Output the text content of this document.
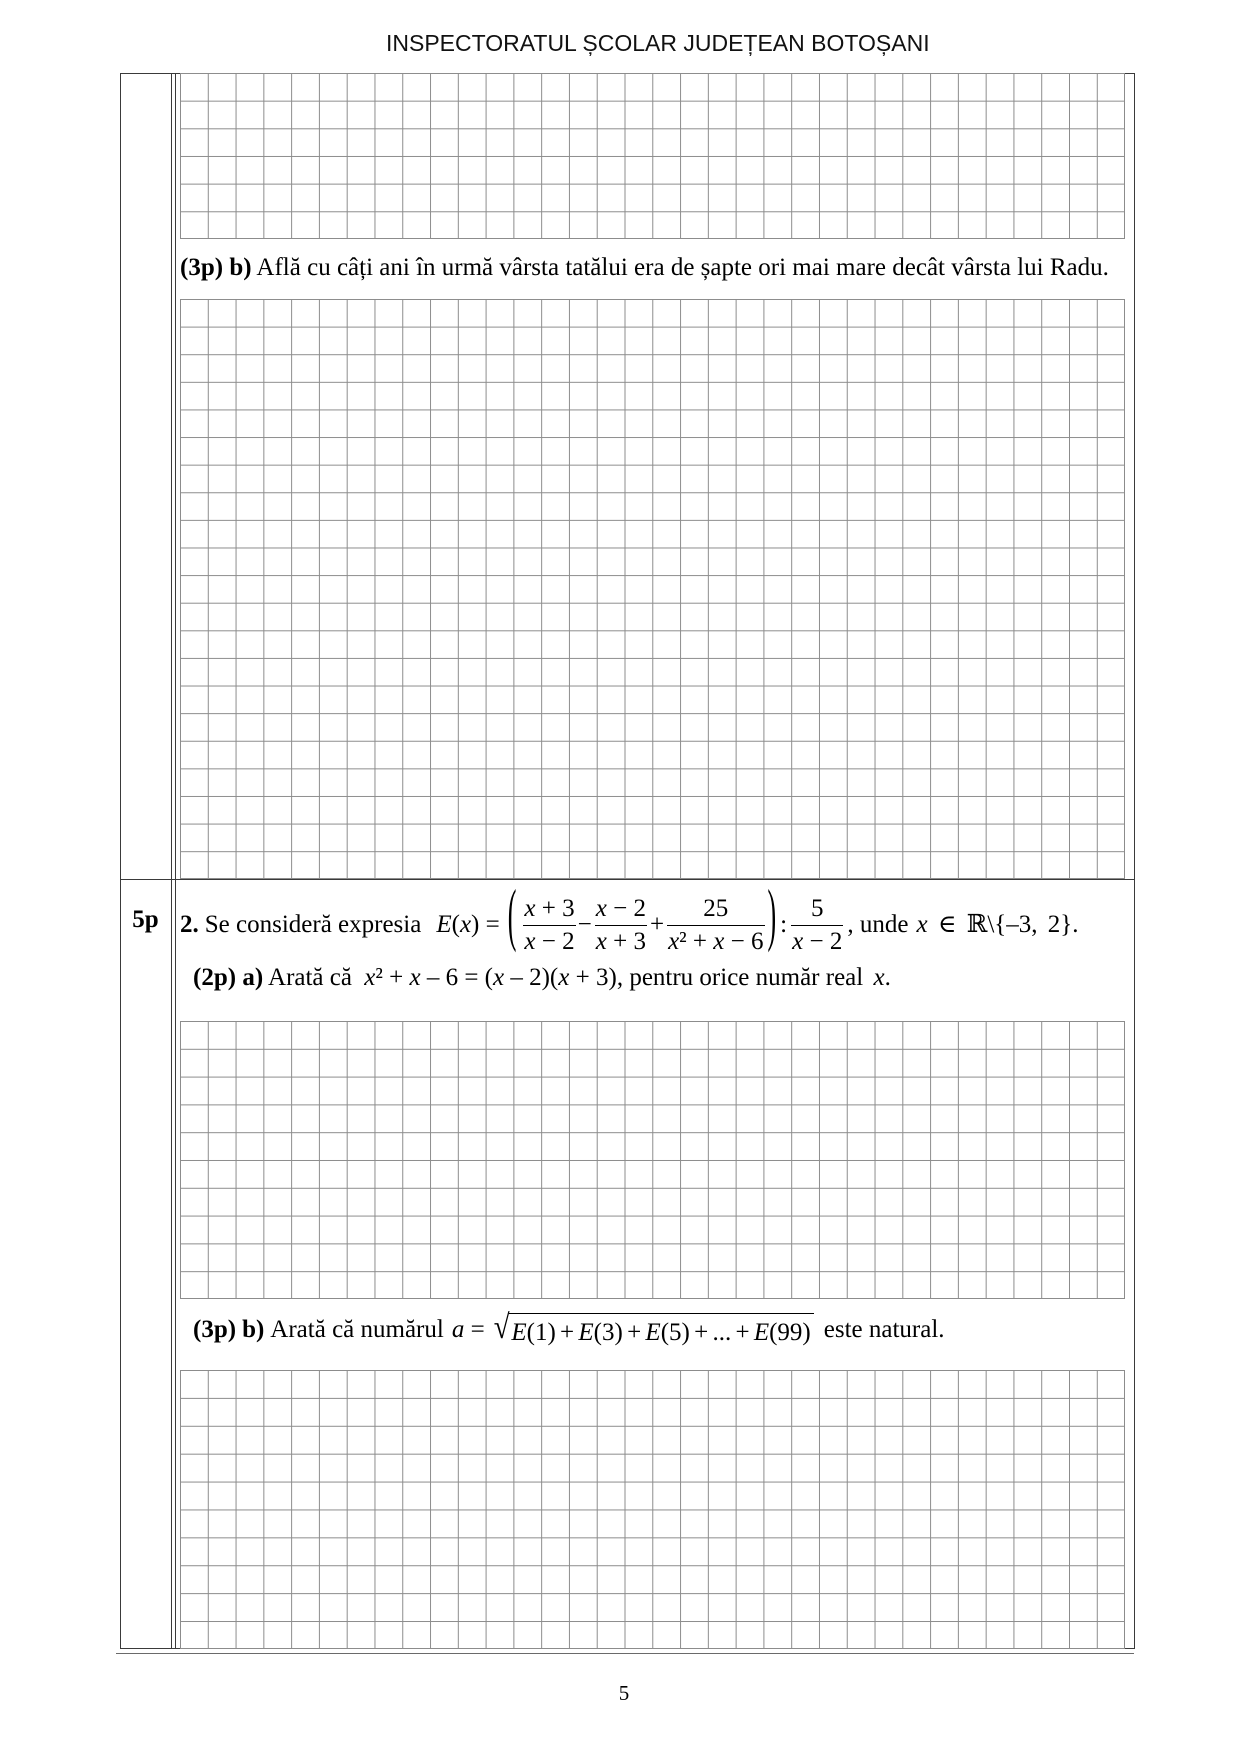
INSPECTORATUL ȘCOLAR JUDEȚEAN BOTOȘANI
(3p) b) Află cu câți ani în urmă vârsta tatălui era de șapte ori mai mare decât vârsta lui Radu.
5p 2. Se consideră expresia E(x) = ( $\frac{x + 3}{x - 2} - \frac{x - 2}{x + 3} + \frac{25}{\text{x² + x − 6}}$ ) : $\frac{5}{x - 2}$ , unde x ∈ ℝ\{–3, 2}.
(2p) a) Arată că x² + x – 6 = (x – 2)(x + 3), pentru orice număr real x.
(3p) b) Arată că numărul a = √ E(1) + E(3) + E(5) + ... + E(99) este natural.
5
